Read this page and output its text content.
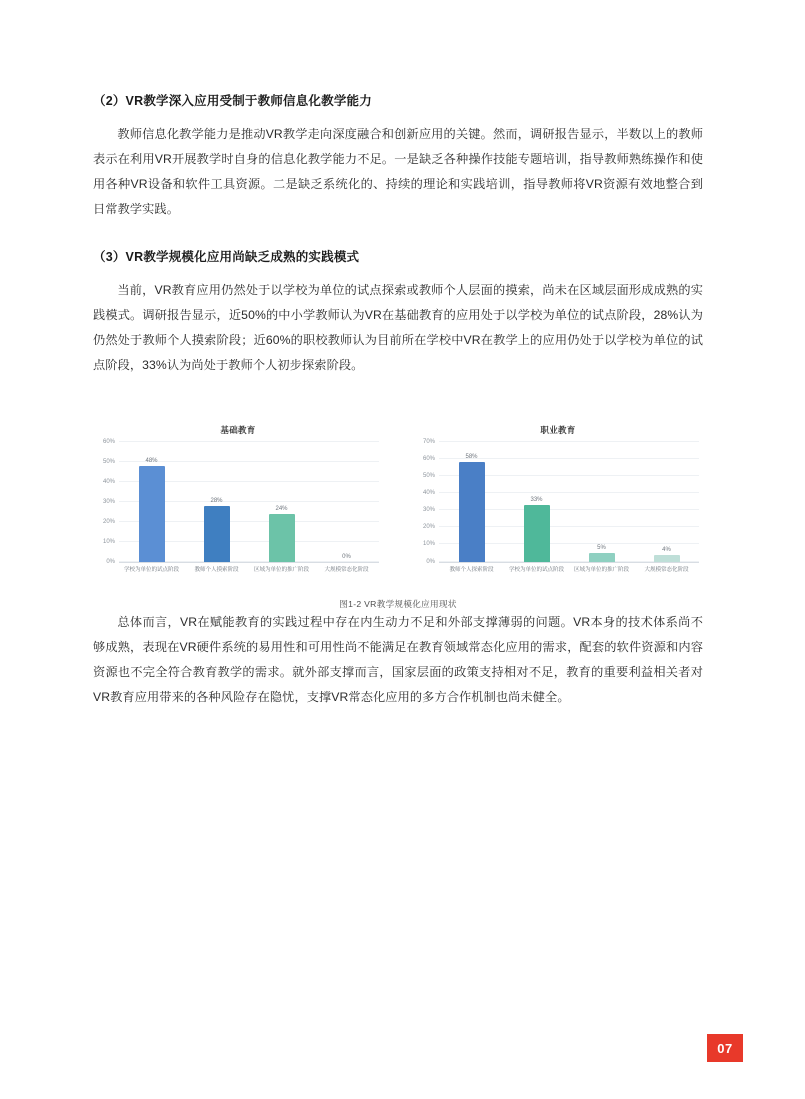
（2）VR教学深入应用受制于教师信息化教学能力

教师信息化教学能力是推动VR教学走向深度融合和创新应用的关键。然而，调研报告显示，半数以上的教师表示在利用VR开展教学时自身的信息化教学能力不足。一是缺乏各种操作技能专题培训，指导教师熟练操作和使用各种VR设备和软件工具资源。二是缺乏系统化的、持续的理论和实践培训，指导教师将VR资源有效地整合到日常教学实践。

（3）VR教学规模化应用尚缺乏成熟的实践模式

当前，VR教育应用仍然处于以学校为单位的试点探索或教师个人层面的摸索，尚未在区域层面形成成熟的实践模式。调研报告显示，近50%的中小学教师认为VR在基础教育的应用处于以学校为单位的试点阶段，28%认为仍然处于教师个人摸索阶段；近60%的职校教师认为目前所在学校中VR在教学上的应用仍处于以学校为单位的试点阶段，33%认为尚处于教师个人初步探索阶段。

基础教育
0%
10%
20%
30%
40%
50%
60%
48%
28%
24%
0%
学校为单位的试点阶段	教师个人摸索阶段	区域为单位的推广阶段	大规模常态化阶段
职业教育
0%
10%
20%
30%
40%
50%
60%
70%
58%
33%
5%	4%
教师个人探索阶段	学校为单位的试点阶段 区域为单位的推广阶段	大规模常态化阶段
图1-2 VR教学规模化应用现状

总体而言，VR在赋能教育的实践过程中存在内生动力不足和外部支撑薄弱的问题。VR本身的技术体系尚不够成熟，表现在VR硬件系统的易用性和可用性尚不能满足在教育领域常态化应用的需求，配套的软件资源和内容资源也不完全符合教育教学的需求。就外部支撑而言，国家层面的政策支持相对不足，教育的重要利益相关者对VR教育应用带来的各种风险存在隐忧，支撑VR常态化应用的多方合作机制也尚未健全。

07
